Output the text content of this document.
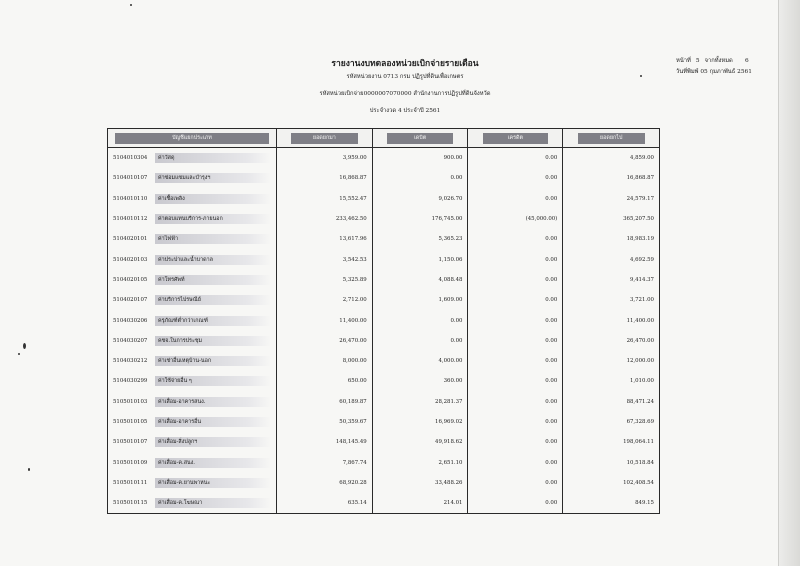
รายงานงบทดลองหน่วยเบิกจ่ายรายเดือน
รหัสหน่วยงาน 0713 กรม ปฏิรูปที่ดินเพื่อเกษตร
รหัสหน่วยเบิกจ่าย0000007070000 สำนักงานการปฏิรูปที่ดินจังหวัด
ประจำงวด 4 ประจำปี 2561
หน้าที่ 5 จากทั้งหมด 6
วันที่พิมพ์ 05 กุมภาพันธ์ 2561
บัญชีแยกประเภท	ยอดยกมา	เดบิต	เครดิต	ยอดยกไป
5104010304 ค่าวัสดุ	3,959.00	900.00	0.00	4,859.00
5104010107 ค่าซ่อมแซมและบำรุงฯ	16,868.87	0.00	0.00	16,868.87
5104010110 ค่าเชื้อเพลิง	15,552.47	9,026.70	0.00	24,579.17
5104010112 ค่าตอบแทนบริการ-ภายนอก	233,462.50	176,745.00	(45,000.00)	365,207.50
5104020101 ค่าไฟฟ้า	13,617.96	5,365.23	0.00	18,983.19
5104020103 ค่าประปาและน้ำบาดาล	3,542.53	1,150.06	0.00	4,692.59
5104020105 ค่าโทรศัพท์	5,325.89	4,088.48	0.00	9,414.37
5104020107 ค่าบริการไปรษณีย์	2,712.00	1,609.00	0.00	3,721.00
5104030206 ครุภัณฑ์ต่ำกว่าเกณฑ์	11,400.00	0.00	0.00	11,400.00
5104030207 คชจ.ในการประชุม	26,470.00	0.00	0.00	26,470.00
5104030212 ค่าเช่าอื่นเหตุบ้าน-นอก	8,000.00	4,000.00	0.00	12,000.00
5104030299 ค่าใช้จ่ายอื่น ๆ	650.00	360.00	0.00	1,010.00
5105010103 ค่าเสื่อม-อาคารสนง.	60,189.87	28,281.37	0.00	88,471.24
5105010105 ค่าเสื่อม-อาคารอื่น	50,359.67	16,969.02	0.00	67,328.69
5105010107 ค่าเสื่อม-สิ่งปลูกฯ	148,145.49	49,918.62	0.00	198,064.11
5105010109 ค่าเสื่อม-ค.สนง.	7,867.74	2,651.10	0.00	10,518.84
5105010111 ค่าเสื่อม-ค.ยานพาหนะ	68,920.28	33,488.26	0.00	102,408.54
5105010115 ค่าเสื่อม-ค.โฆษณา	635.14	214.01	0.00	849.15
